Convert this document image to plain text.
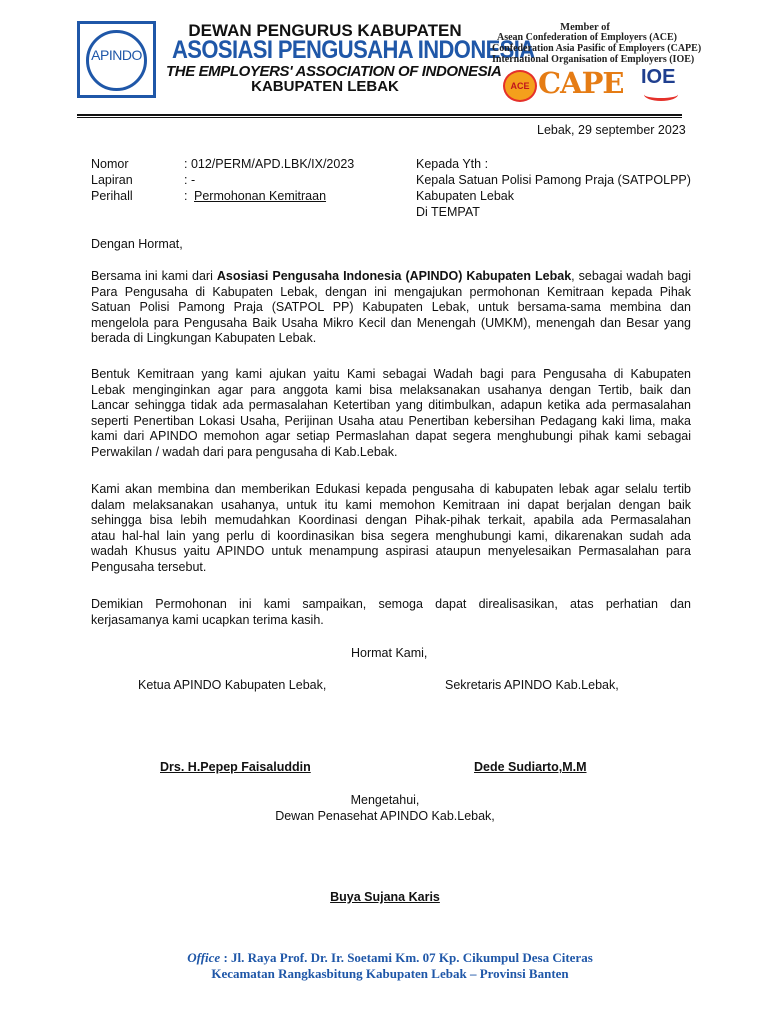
APINDO
DEWAN PENGURUS KABUPATEN
ASOSIASI PENGUSAHA INDONESIA
THE EMPLOYERS' ASSOCIATION OF INDONESIA
KABUPATEN LEBAK
Member of
Asean Confederation of Employers (ACE)
Confederation Asia Pasific of Employers (CAPE)
International Organisation of Employers (IOE)
ACE CAPE IOE
Lebak, 29 september 2023
Nomor	: 012/PERM/APD.LBK/IX/2023
Lapiran	: -
Perihall	: Permohonan Kemitraan
Kepada Yth :
Kepala Satuan Polisi Pamong Praja (SATPOLPP)
Kabupaten Lebak
Di TEMPAT
Dengan Hormat,
Bersama ini kami dari Asosiasi Pengusaha Indonesia (APINDO) Kabupaten Lebak, sebagai wadah bagi
Para Pengusaha di Kabupaten Lebak, dengan ini mengajukan permohonan Kemitraan kepada Pihak
Satuan Polisi Pamong Praja (SATPOL PP) Kabupaten Lebak, untuk bersama-sama membina dan
mengelola para Pengusaha Baik Usaha Mikro Kecil dan Menengah (UMKM), menengah dan Besar yang
berada di Lingkungan Kabupaten Lebak.
Bentuk Kemitraan yang kami ajukan yaitu Kami sebagai Wadah bagi para Pengusaha di Kabupaten
Lebak menginginkan agar para anggota kami bisa melaksanakan usahanya dengan Tertib, baik dan
Lancar sehingga tidak ada permasalahan Ketertiban yang ditimbulkan, adapun ketika ada permasalahan
seperti Penertiban Lokasi Usaha, Perijinan Usaha atau Penertiban kebersihan Pedagang kaki lima, maka
kami dari APINDO memohon agar setiap Permaslahan dapat segera menghubungi pihak kami sebagai
Perwakilan / wadah dari para pengusaha di Kab.Lebak.
Kami akan membina dan memberikan Edukasi kepada pengusaha di kabupaten lebak agar selalu tertib
dalam melaksanakan usahanya, untuk itu kami memohon Kemitraan ini dapat berjalan dengan baik
sehingga bisa lebih memudahkan Koordinasi dengan Pihak-pihak terkait, apabila ada Permasalahan
atau hal-hal lain yang perlu di koordinasikan bisa segera menghubungi kami, dikarenakan sudah ada
wadah Khusus yaitu APINDO untuk menampung aspirasi ataupun menyelesaikan Permasalahan para
Pengusaha tersebut.
Demikian Permohonan ini kami sampaikan, semoga dapat direalisasikan, atas perhatian dan
kerjasamanya kami ucapkan terima kasih.
Hormat Kami,
Ketua APINDO Kabupaten Lebak,	Sekretaris APINDO Kab.Lebak,
Drs. H.Pepep Faisaluddin	Dede Sudiarto,M.M
Mengetahui,
Dewan Penasehat APINDO Kab.Lebak,
Buya Sujana Karis
Office : Jl. Raya Prof. Dr. Ir. Soetami Km. 07 Kp. Cikumpul Desa Citeras
Kecamatan Rangkasbitung Kabupaten Lebak – Provinsi Banten
